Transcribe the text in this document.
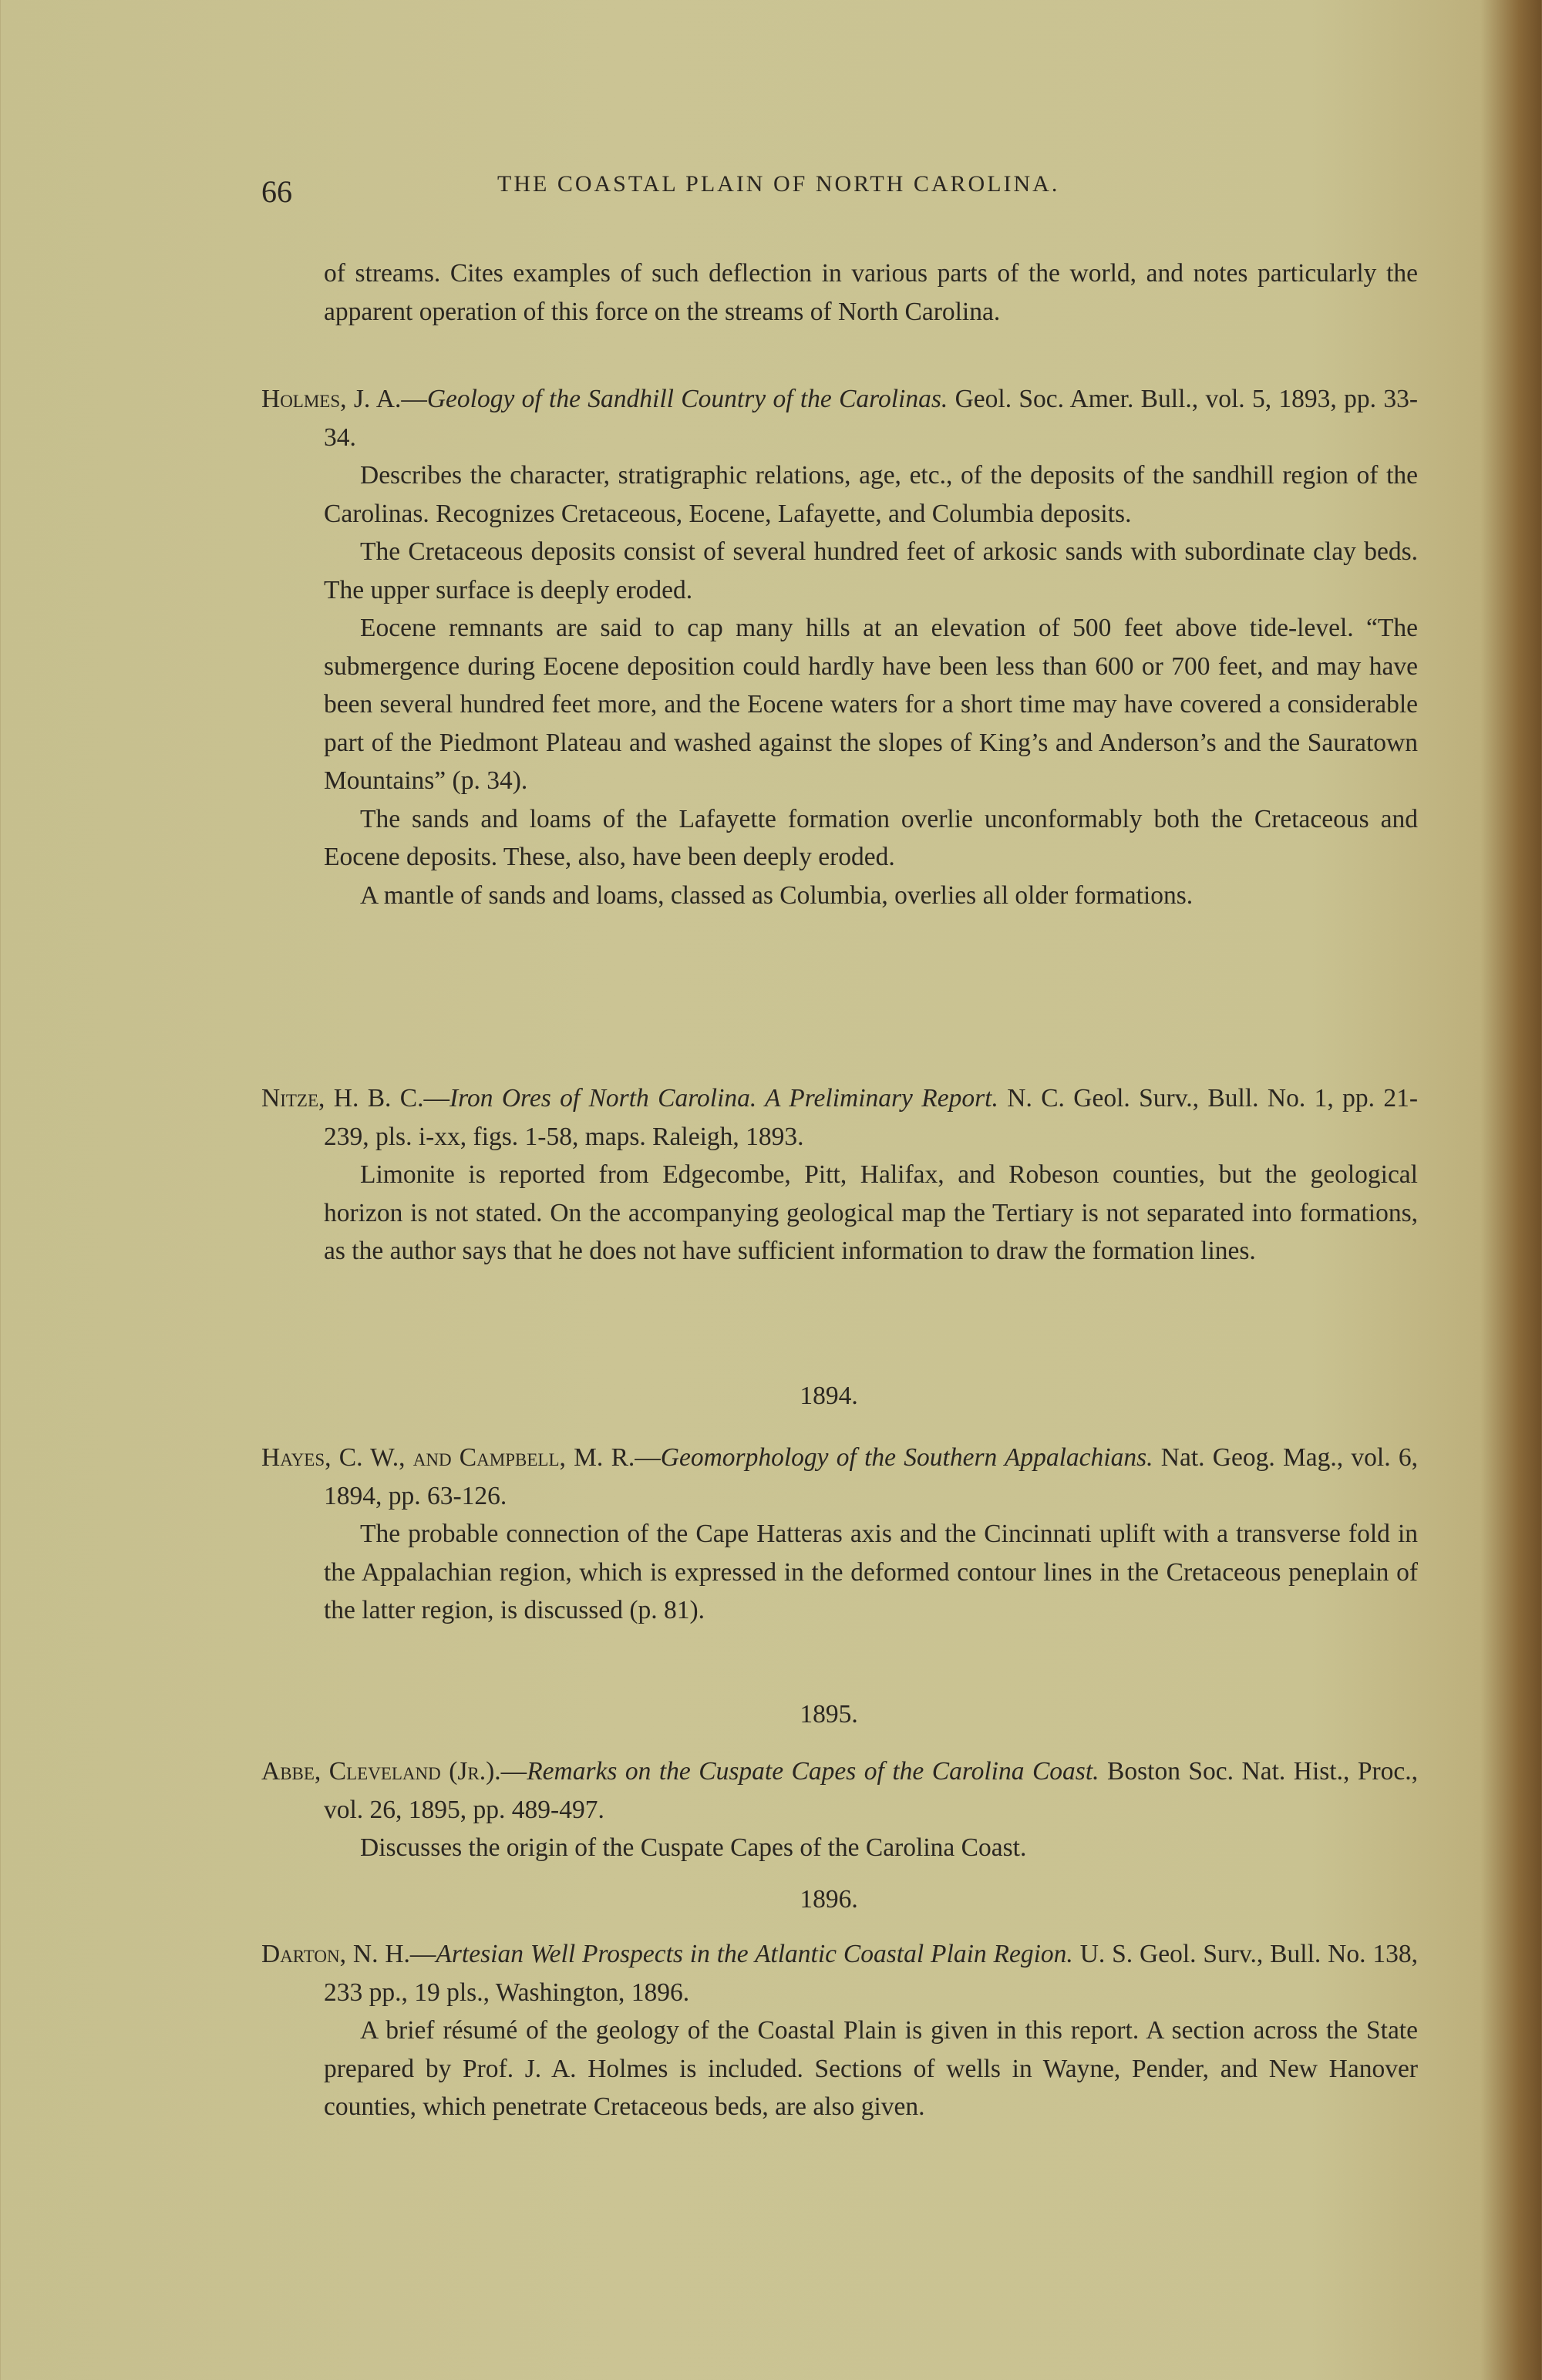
66	THE COASTAL PLAIN OF NORTH CAROLINA.
of streams. Cites examples of such deflection in various parts of the world, and notes particularly the apparent operation of this force on the streams of North Carolina.
Holmes, J. A.—Geology of the Sandhill Country of the Carolinas. Geol. Soc. Amer. Bull., vol. 5, 1893, pp. 33-34.

Describes the character, stratigraphic relations, age, etc., of the deposits of the sandhill region of the Carolinas. Recognizes Cretaceous, Eocene, Lafayette, and Columbia deposits.

The Cretaceous deposits consist of several hundred feet of arkosic sands with subordinate clay beds. The upper surface is deeply eroded.

Eocene remnants are said to cap many hills at an elevation of 500 feet above tide-level. “The submergence during Eocene deposition could hardly have been less than 600 or 700 feet, and may have been several hundred feet more, and the Eocene waters for a short time may have covered a considerable part of the Piedmont Plateau and washed against the slopes of King’s and Anderson’s and the Sauratown Mountains” (p. 34).

The sands and loams of the Lafayette formation overlie unconformably both the Cretaceous and Eocene deposits. These, also, have been deeply eroded.

A mantle of sands and loams, classed as Columbia, overlies all older formations.

Nitze, H. B. C.—Iron Ores of North Carolina. A Preliminary Report. N. C. Geol. Surv., Bull. No. 1, pp. 21-239, pls. i-xx, figs. 1-58, maps. Raleigh, 1893.

Limonite is reported from Edgecombe, Pitt, Halifax, and Robeson counties, but the geological horizon is not stated. On the accompanying geological map the Tertiary is not separated into formations, as the author says that he does not have sufficient information to draw the formation lines.

1894.
Hayes, C. W., and Campbell, M. R.—Geomorphology of the Southern Appalachians. Nat. Geog. Mag., vol. 6, 1894, pp. 63-126.

The probable connection of the Cape Hatteras axis and the Cincinnati uplift with a transverse fold in the Appalachian region, which is expressed in the deformed contour lines in the Cretaceous peneplain of the latter region, is discussed (p. 81).

1895.
Abbe, Cleveland (Jr.).—Remarks on the Cuspate Capes of the Carolina Coast. Boston Soc. Nat. Hist., Proc., vol. 26, 1895, pp. 489-497.

Discusses the origin of the Cuspate Capes of the Carolina Coast.

1896.
Darton, N. H.—Artesian Well Prospects in the Atlantic Coastal Plain Region. U. S. Geol. Surv., Bull. No. 138, 233 pp., 19 pls., Washington, 1896.

A brief résumé of the geology of the Coastal Plain is given in this report. A section across the State prepared by Prof. J. A. Holmes is included. Sections of wells in Wayne, Pender, and New Hanover counties, which penetrate Cretaceous beds, are also given.
